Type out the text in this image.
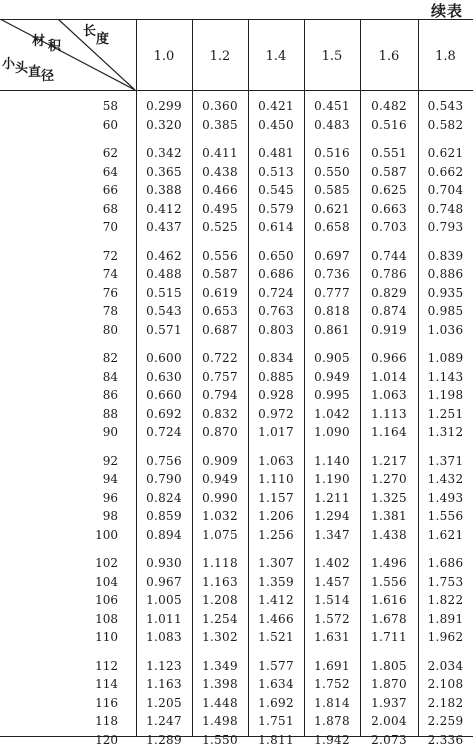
续表
长
度
材 积
小 头 直 径
1.0	1.2	1.4	1.5	1.6	1.8
58	0.299	0.360	0.421	0.451	0.482	0.543
60	0.320	0.385	0.450	0.483	0.516	0.582
62	0.342	0.411	0.481	0.516	0.551	0.621
64	0.365	0.438	0.513	0.550	0.587	0.662
66	0.388	0.466	0.545	0.585	0.625	0.704
68	0.412	0.495	0.579	0.621	0.663	0.748
70	0.437	0.525	0.614	0.658	0.703	0.793
72	0.462	0.556	0.650	0.697	0.744	0.839
74	0.488	0.587	0.686	0.736	0.786	0.886
76	0.515	0.619	0.724	0.777	0.829	0.935
78	0.543	0.653	0.763	0.818	0.874	0.985
80	0.571	0.687	0.803	0.861	0.919	1.036
82	0.600	0.722	0.834	0.905	0.966	1.089
84	0.630	0.757	0.885	0.949	1.014	1.143
86	0.660	0.794	0.928	0.995	1.063	1.198
88	0.692	0.832	0.972	1.042	1.113	1.251
90	0.724	0.870	1.017	1.090	1.164	1.312
92	0.756	0.909	1.063	1.140	1.217	1.371
94	0.790	0.949	1.110	1.190	1.270	1.432
96	0.824	0.990	1.157	1.211	1.325	1.493
98	0.859	1.032	1.206	1.294	1.381	1.556
100	0.894	1.075	1.256	1.347	1.438	1.621
102	0.930	1.118	1.307	1.402	1.496	1.686
104	0.967	1.163	1.359	1.457	1.556	1.753
106	1.005	1.208	1.412	1.514	1.616	1.822
108	1.011	1.254	1.466	1.572	1.678	1.891
110	1.083	1.302	1.521	1.631	1.711	1.962
112	1.123	1.349	1.577	1.691	1.805	2.034
114	1.163	1.398	1.634	1.752	1.870	2.108
116	1.205	1.448	1.692	1.814	1.937	2.182
118	1.247	1.498	1.751	1.878	2.004	2.259
120	1.289	1.550	1.811	1.942	2.073	2.336
